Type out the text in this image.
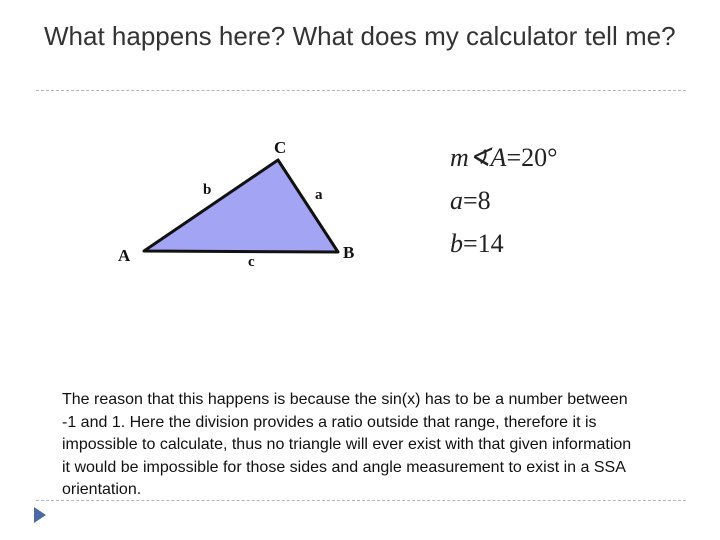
What happens here? What does my calculator tell me?
C
A	B
b	a
c
m∢A=20°
a=8
b=14

The reason that this happens is because the sin(x) has to be a number between -1 and 1. Here the division provides a ratio outside that range, therefore it is impossible to calculate, thus no triangle will ever exist with that given information it would be impossible for those sides and angle measurement to exist in a SSA orientation.
